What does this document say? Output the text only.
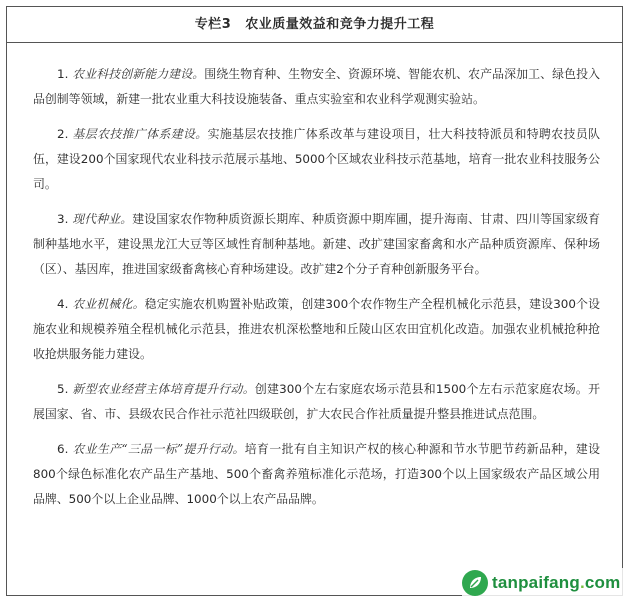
专栏3 农业质量效益和竞争力提升工程

1. 农业科技创新能力建设。围绕生物育种、生物安全、资源环境、智能农机、农产品深加工、绿色投入品创制等领域，新建一批农业重大科技设施装备、重点实验室和农业科学观测实验站。

2. 基层农技推广体系建设。实施基层农技推广体系改革与建设项目，壮大科技特派员和特聘农技员队伍，建设200个国家现代农业科技示范展示基地、5000个区域农业科技示范基地，培育一批农业科技服务公司。

3. 现代种业。建设国家农作物种质资源长期库、种质资源中期库圃，提升海南、甘肃、四川等国家级育制种基地水平，建设黑龙江大豆等区域性育制种基地。新建、改扩建国家畜禽和水产品种质资源库、保种场（区）、基因库，推进国家级畜禽核心育种场建设。改扩建2个分子育种创新服务平台。

4. 农业机械化。稳定实施农机购置补贴政策，创建300个农作物生产全程机械化示范县，建设300个设施农业和规模养殖全程机械化示范县，推进农机深松整地和丘陵山区农田宜机化改造。加强农业机械抢种抢收抢烘服务能力建设。

5. 新型农业经营主体培育提升行动。创建300个左右家庭农场示范县和1500个左右示范家庭农场。开展国家、省、市、县级农民合作社示范社四级联创，扩大农民合作社质量提升整县推进试点范围。

6. 农业生产“三品一标”提升行动。培育一批有自主知识产权的核心种源和节水节肥节药新品种，建设800个绿色标准化农产品生产基地、500个畜禽养殖标准化示范场，打造300个以上国家级农产品区域公用品牌、500个以上企业品牌、1000个以上农产品品牌。

tanpaifang.com
